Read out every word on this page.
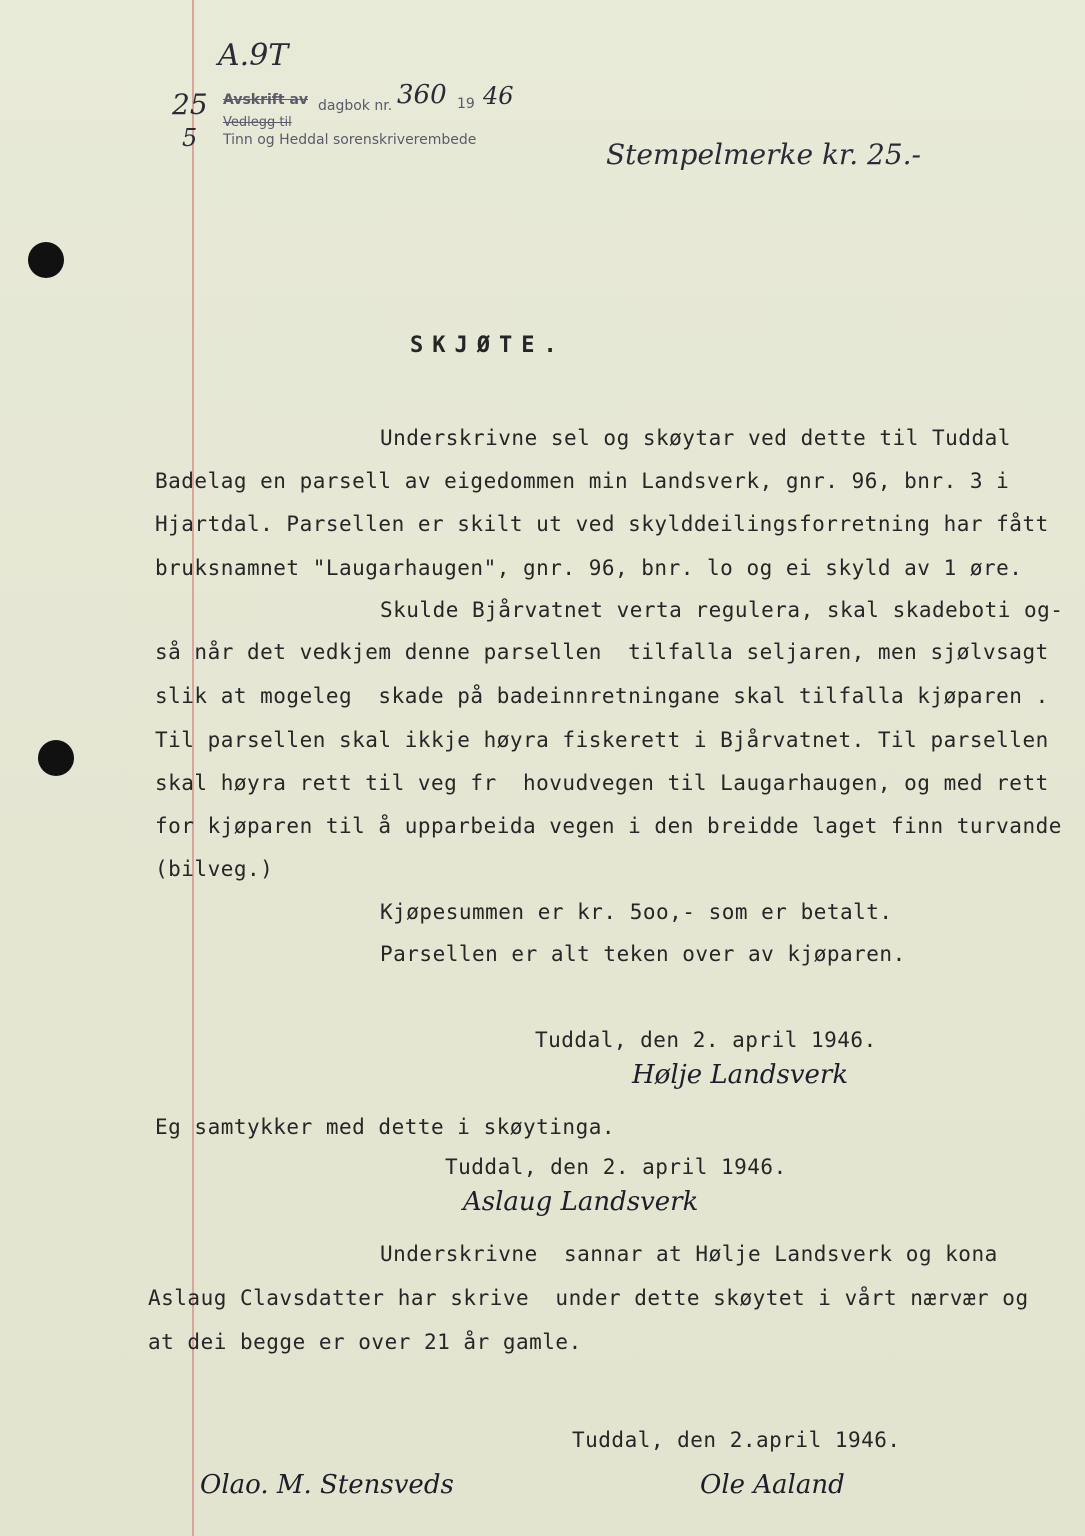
A.9T
25
5
Avskrift av dagbok nr. 360 19 46
Vedlegg til
Tinn og Heddal sorenskriverembede	Stempelmerke kr. 25.-
SKJØTE.
Underskrivne sel og skøytar ved dette til Tuddal
Badelag en parsell av eigedommen min Landsverk, gnr. 96, bnr. 3 i
Hjartdal. Parsellen er skilt ut ved skylddeilingsforretning har fått
bruksnamnet "Laugarhaugen", gnr. 96, bnr. lo og ei skyld av 1 øre.
Skulde Bjårvatnet verta regulera, skal skadeboti og-
så når det vedkjem denne parsellen  tilfalla seljaren, men sjølvsagt
slik at mogeleg  skade på badeinnretningane skal tilfalla kjøparen .
Til parsellen skal ikkje høyra fiskerett i Bjårvatnet. Til parsellen
skal høyra rett til veg fr  hovudvegen til Laugarhaugen, og med rett
for kjøparen til å upparbeida vegen i den breidde laget finn turvande
(bilveg.)
Kjøpesummen er kr. 5oo,- som er betalt.
Parsellen er alt teken over av kjøparen.
Tuddal, den 2. april 1946.
Hølje Landsverk
Eg samtykker med dette i skøytinga.
Tuddal, den 2. april 1946.
Aslaug Landsverk
Underskrivne  sannar at Hølje Landsverk og kona
Aslaug Clavsdatter har skrive  under dette skøytet i vårt nærvær og
at dei begge er over 21 år gamle.
Tuddal, den 2.april 1946.
Olao. M. Stensveds	Ole Aaland
